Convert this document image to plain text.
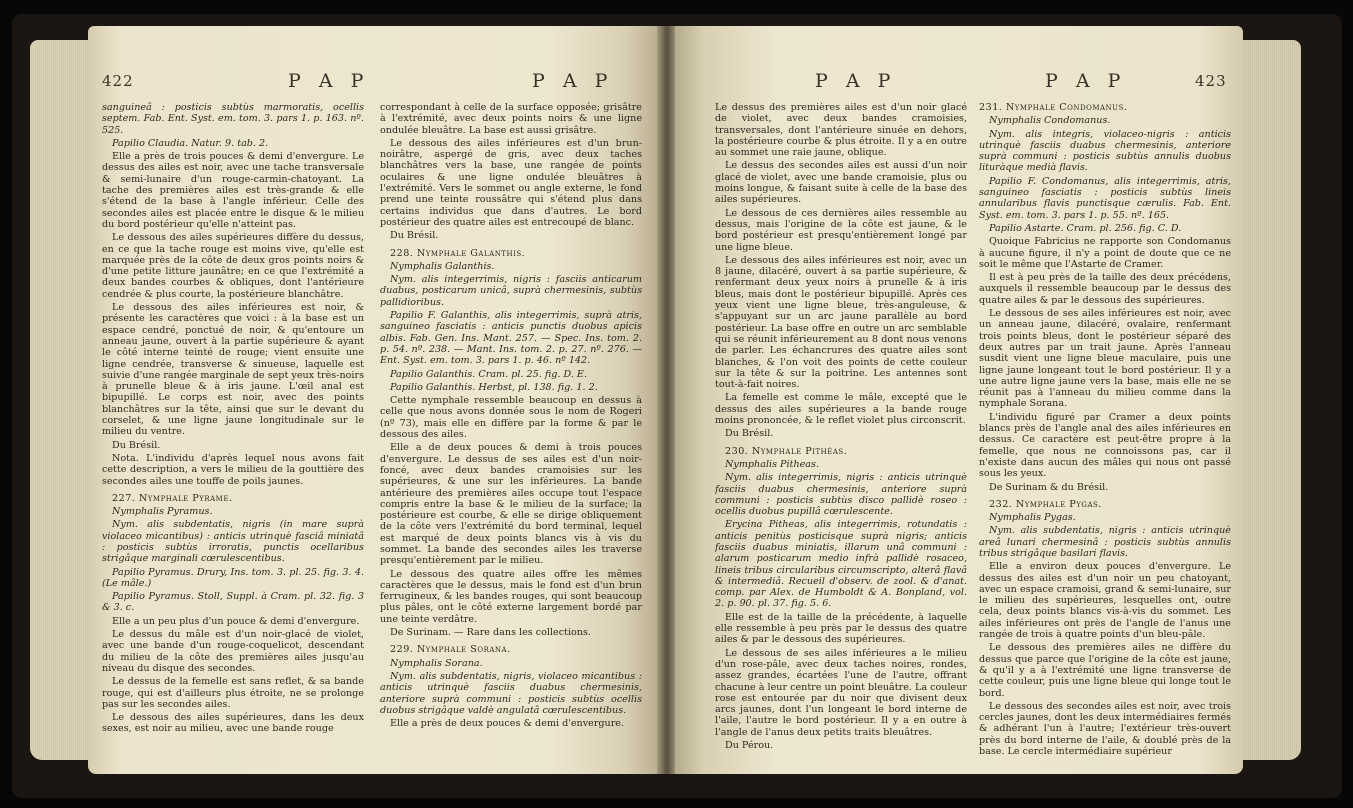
422	P A P	P A P

sanguineâ : posticis subtùs marmoratis, ocellis septem. Fab. Ent. Syst. em. tom. 3. pars 1. p. 163. nº. 525.

Papilio Claudia. Natur. 9. tab. 2.

Elle a près de trois pouces & demi d'envergure. Le dessus des ailes est noir, avec une tache transversale & semi-lunaire d'un rouge-carmin-chatoyant. La tache des premières ailes est très-grande & elle s'étend de la base à l'angle inférieur. Celle des secondes ailes est placée entre le disque & le milieu du bord postérieur qu'elle n'atteint pas.

Le dessous des ailes supérieures diffère du dessus, en ce que la tache rouge est moins vive, qu'elle est marquée près de la côte de deux gros points noirs & d'une petite litture jaunâtre; en ce que l'extrémité a deux bandes courbes & obliques, dont l'antérieure cendrée & plus courte, la postérieure blanchâtre.

Le dessous des ailes inférieures est noir, & présente les caractères que voici : à la base est un espace cendré, ponctué de noir, & qu'entoure un anneau jaune, ouvert à la partie supérieure & ayant le côté interne teinté de rouge; vient ensuite une ligne cendrée, transverse & sinueuse, laquelle est suivie d'une rangée marginale de sept yeux très-noirs à prunelle bleue & à iris jaune. L'œil anal est bipupillé. Le corps est noir, avec des points blanchâtres sur la tête, ainsi que sur le devant du corselet, & une ligne jaune longitudinale sur le milieu du ventre.

Du Brésil.

Nota. L'individu d'après lequel nous avons fait cette description, a vers le milieu de la gouttière des secondes ailes une touffe de poils jaunes.

227. Nymphale Pyrame.

Nymphalis Pyramus.

Nym. alis subdentatis, nigris (in mare suprà violaceo micantibus) : anticis utrinquè fasciâ miniatâ : posticis subtùs irroratis, punctis ocellaribus strigâque marginali cœrulescentibus.

Papilio Pyramus. Drury, Ins. tom. 3. pl. 25. fig. 3. 4. (Le mâle.)

Papilio Pyramus. Stoll, Suppl. à Cram. pl. 32. fig. 3 & 3. c.

Elle a un peu plus d'un pouce & demi d'envergure.

Le dessus du mâle est d'un noir-glacé de violet, avec une bande d'un rouge-coquelicot, descendant du milieu de la côte des premières ailes jusqu'au niveau du disque des secondes.

Le dessus de la femelle est sans reflet, & sa bande rouge, qui est d'ailleurs plus étroite, ne se prolonge pas sur les secondes ailes.

Le dessous des ailes supérieures, dans les deux sexes, est noir au milieu, avec une bande rouge

correspondant à celle de la surface opposée; grisâtre à l'extrémité, avec deux points noirs & une ligne ondulée bleuâtre. La base est aussi grisâtre.

Le dessous des ailes inférieures est d'un brun-noirâtre, aspergé de gris, avec deux taches blanchâtres vers la base, une rangée de points oculaires & une ligne ondulée bleuâtres à l'extrémité. Vers le sommet ou angle externe, le fond prend une teinte roussâtre qui s'étend plus dans certains individus que dans d'autres. Le bord postérieur des quatre ailes est entrecoupé de blanc.

Du Brésil.

228. Nymphale Galanthis.

Nymphalis Galanthis.

Nym. alis integerrimis, nigris : fasciis anticarum duabus, posticarum unicâ, suprà chermesinis, subtùs pallidioribus.

Papilio F. Galanthis, alis integerrimis, suprà atris, sanguineo fasciatis : anticis punctis duobus apicis albis. Fab. Gen. Ins. Mant. 257. — Spec. Ins. tom. 2. p. 54. nº. 238. — Mant. Ins. tom. 2. p. 27. nº. 276. — Ent. Syst. em. tom. 3. pars 1. p. 46. nº 142.

Papilio Galanthis. Cram. pl. 25. fig. D. E.

Papilio Galanthis. Herbst, pl. 138. fig. 1. 2.

Cette nymphale ressemble beaucoup en dessus à celle que nous avons donnée sous le nom de Rogeri (nº 73), mais elle en diffère par la forme & par le dessous des ailes.

Elle a de deux pouces & demi à trois pouces d'envergure. Le dessus de ses ailes est d'un noir-foncé, avec deux bandes cramoisies sur les supérieures, & une sur les inférieures. La bande antérieure des premières ailes occupe tout l'espace compris entre la base & le milieu de la surface; la postérieure est courbe, & elle se dirige obliquement de la côte vers l'extrémité du bord terminal, lequel est marqué de deux points blancs vis à vis du sommet. La bande des secondes ailes les traverse presqu'entièrement par le milieu.

Le dessous des quatre ailes offre les mêmes caractères que le dessus, mais le fond est d'un brun ferrugineux, & les bandes rouges, qui sont beaucoup plus pâles, ont le côté externe largement bordé par une teinte verdâtre.

De Surinam. — Rare dans les collections.

229. Nymphale Sorana.

Nymphalis Sorana.

Nym. alis subdentatis, nigris, violaceo micantibus : anticis utrinquè fasciis duabus chermesinis, anteriore suprà communi : posticis subtùs ocellis duobus strigâque valdè angulatâ cœrulescentibus.

Elle a près de deux pouces & demi d'envergure.

P A P	P A P	423

Le dessus des premières ailes est d'un noir glacé de violet, avec deux bandes cramoisies, transversales, dont l'antérieure sinuée en dehors, la postérieure courbe & plus étroite. Il y a en outre au sommet une raie jaune, oblique.

Le dessus des secondes ailes est aussi d'un noir glacé de violet, avec une bande cramoisie, plus ou moins longue, & faisant suite à celle de la base des ailes supérieures.

Le dessous de ces dernières ailes ressemble au dessus, mais l'origine de la côte est jaune, & le bord postérieur est presqu'entièrement longé par une ligne bleue.

Le dessous des ailes inférieures est noir, avec un 8 jaune, dilacéré, ouvert à sa partie supérieure, & renfermant deux yeux noirs à prunelle & à iris bleus, mais dont le postérieur bipupillé. Après ces yeux vient une ligne bleue, très-anguleuse, & s'appuyant sur un arc jaune parallèle au bord postérieur. La base offre en outre un arc semblable qui se réunit inférieurement au 8 dont nous venons de parler. Les échancrures des quatre ailes sont blanches, & l'on voit des points de cette couleur sur la tête & sur la poitrine. Les antennes sont tout-à-fait noires.

La femelle est comme le mâle, excepté que le dessus des ailes supérieures a la bande rouge moins prononcée, & le reflet violet plus circonscrit.

Du Brésil.

230. Nymphale Pithéas.

Nymphalis Pitheas.

Nym. alis integerrimis, nigris : anticis utrinquè fasciis duabus chermesinis, anteriore suprà communi : posticis subtùs disco pallidè roseo : ocellis duobus pupillâ cœrulescente.

Erycina Pitheas, alis integerrimis, rotundatis : anticis penitùs posticisque suprà nigris; anticis fasciis duabus miniatis, illarum unâ communi : alarum posticarum medio infrà pallidè rosaceo, lineis tribus circularibus circumscripto, alterâ flavâ & intermediâ. Recueil d'observ. de zool. & d'anat. comp. par Alex. de Humboldt & A. Bonpland, vol. 2. p. 90. pl. 37. fig. 5. 6.

Elle est de la taille de la précédente, à laquelle elle ressemble à peu près par le dessus des quatre ailes & par le dessous des supérieures.

Le dessous de ses ailes inférieures a le milieu d'un rose-pâle, avec deux taches noires, rondes, assez grandes, écartées l'une de l'autre, offrant chacune à leur centre un point bleuâtre. La couleur rose est entourée par du noir que divisent deux arcs jaunes, dont l'un longeant le bord interne de l'aile, l'autre le bord postérieur. Il y a en outre à l'angle de l'anus deux petits traits bleuâtres.

Du Pérou.

231. Nymphale Condomanus.

Nymphalis Condomanus.

Nym. alis integris, violaceo-nigris : anticis utrinquè fasciis duabus chermesinis, anteriore suprà communi : posticis subtùs annulis duobus lituràque medià flavis.

Papilio F. Condomanus, alis integerrimis, atris, sanguineo fasciatis : posticis subtùs lineis annularibus flavis punctisque cærulis. Fab. Ent. Syst. em. tom. 3. pars 1. p. 55. nº. 165.

Papilio Astarte. Cram. pl. 256. fig. C. D.

Quoique Fabricius ne rapporte son Condomanus à aucune figure, il n'y a point de doute que ce ne soit le même que l'Astarte de Cramer.

Il est à peu près de la taille des deux précédens, auxquels il ressemble beaucoup par le dessus des quatre ailes & par le dessous des supérieures.

Le dessous de ses ailes inférieures est noir, avec un anneau jaune, dilacéré, ovalaire, renfermant trois points bleus, dont le postérieur séparé des deux autres par un trait jaune. Après l'anneau susdit vient une ligne bleue maculaire, puis une ligne jaune longeant tout le bord postérieur. Il y a une autre ligne jaune vers la base, mais elle ne se réunit pas à l'anneau du milieu comme dans la nymphale Sorana.

L'individu figuré par Cramer a deux points blancs près de l'angle anal des ailes inférieures en dessus. Ce caractère est peut-être propre à la femelle, que nous ne connoissons pas, car il n'existe dans aucun des mâles qui nous ont passé sous les yeux.

De Surinam & du Brésil.

232. Nymphale Pygas.

Nymphalis Pygas.

Nym. alis subdentatis, nigris : anticis utrinquè areâ lunari chermesinâ : posticis subtùs annulis tribus strigâque basilari flavis.

Elle a environ deux pouces d'envergure. Le dessus des ailes est d'un noir un peu chatoyant, avec un espace cramoisi, grand & semi-lunaire, sur le milieu des supérieures, lesquelles ont, outre cela, deux points blancs vis-à-vis du sommet. Les ailes inférieures ont près de l'angle de l'anus une rangée de trois à quatre points d'un bleu-pâle.

Le dessous des premières ailes ne diffère du dessus que parce que l'origine de la côte est jaune, & qu'il y a à l'extrémité une ligne transverse de cette couleur, puis une ligne bleue qui longe tout le bord.

Le dessous des secondes ailes est noir, avec trois cercles jaunes, dont les deux intermédiaires fermés & adhérant l'un à l'autre; l'extérieur très-ouvert près du bord interne de l'aile, & doublé près de la base. Le cercle intermédiaire supérieur
